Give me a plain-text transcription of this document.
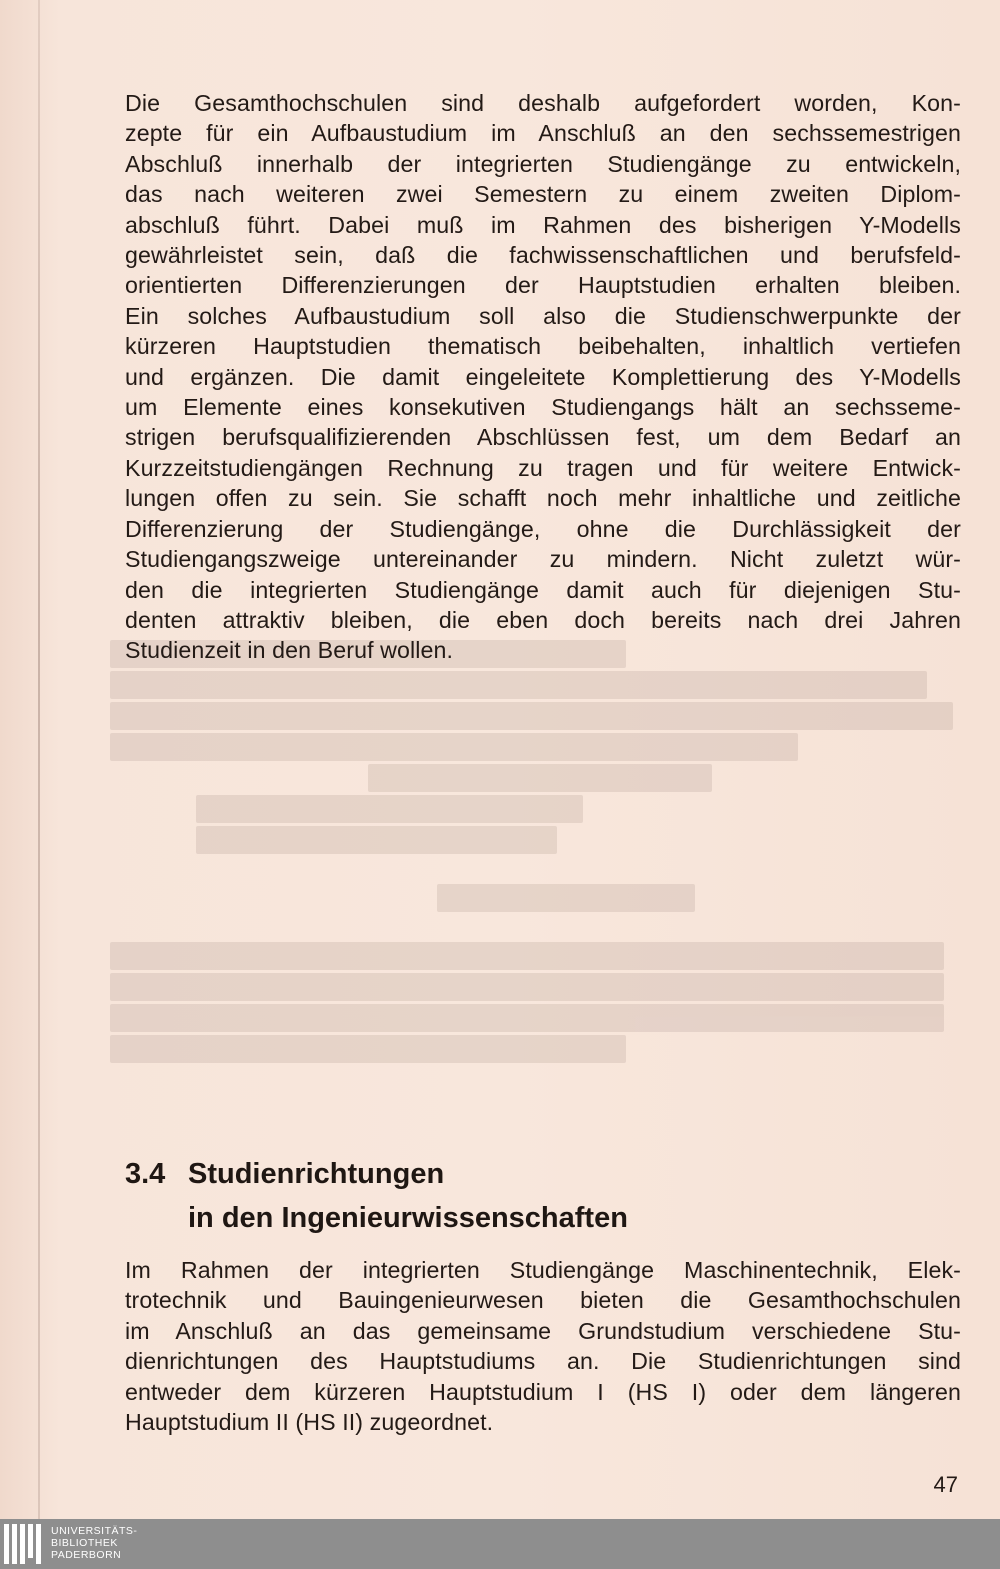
Die Gesamthochschulen sind deshalb aufgefordert worden, Kon-
zepte für ein Aufbaustudium im Anschluß an den sechssemestrigen
Abschluß innerhalb der integrierten Studiengänge zu entwickeln,
das nach weiteren zwei Semestern zu einem zweiten Diplom-
abschluß führt. Dabei muß im Rahmen des bisherigen Y-Modells
gewährleistet sein, daß die fachwissenschaftlichen und berufsfeld-
orientierten Differenzierungen der Hauptstudien erhalten bleiben.
Ein solches Aufbaustudium soll also die Studienschwerpunkte der
kürzeren Hauptstudien thematisch beibehalten, inhaltlich vertiefen
und ergänzen. Die damit eingeleitete Komplettierung des Y-Modells
um Elemente eines konsekutiven Studiengangs hält an sechsseme-
strigen berufsqualifizierenden Abschlüssen fest, um dem Bedarf an
Kurzzeitstudiengängen Rechnung zu tragen und für weitere Entwick-
lungen offen zu sein. Sie schafft noch mehr inhaltliche und zeitliche
Differenzierung der Studiengänge, ohne die Durchlässigkeit der
Studiengangszweige untereinander zu mindern. Nicht zuletzt wür-
den die integrierten Studiengänge damit auch für diejenigen Stu-
denten attraktiv bleiben, die eben doch bereits nach drei Jahren
Studienzeit in den Beruf wollen.
3.4 Studienrichtungen
in den Ingenieurwissenschaften
Im Rahmen der integrierten Studiengänge Maschinentechnik, Elek-
trotechnik und Bauingenieurwesen bieten die Gesamthochschulen
im Anschluß an das gemeinsame Grundstudium verschiedene Stu-
dienrichtungen des Hauptstudiums an. Die Studienrichtungen sind
entweder dem kürzeren Hauptstudium I (HS I) oder dem längeren
Hauptstudium II (HS II) zugeordnet.
47
UNIVERSITÄTS-
BIBLIOTHEK
PADERBORN
